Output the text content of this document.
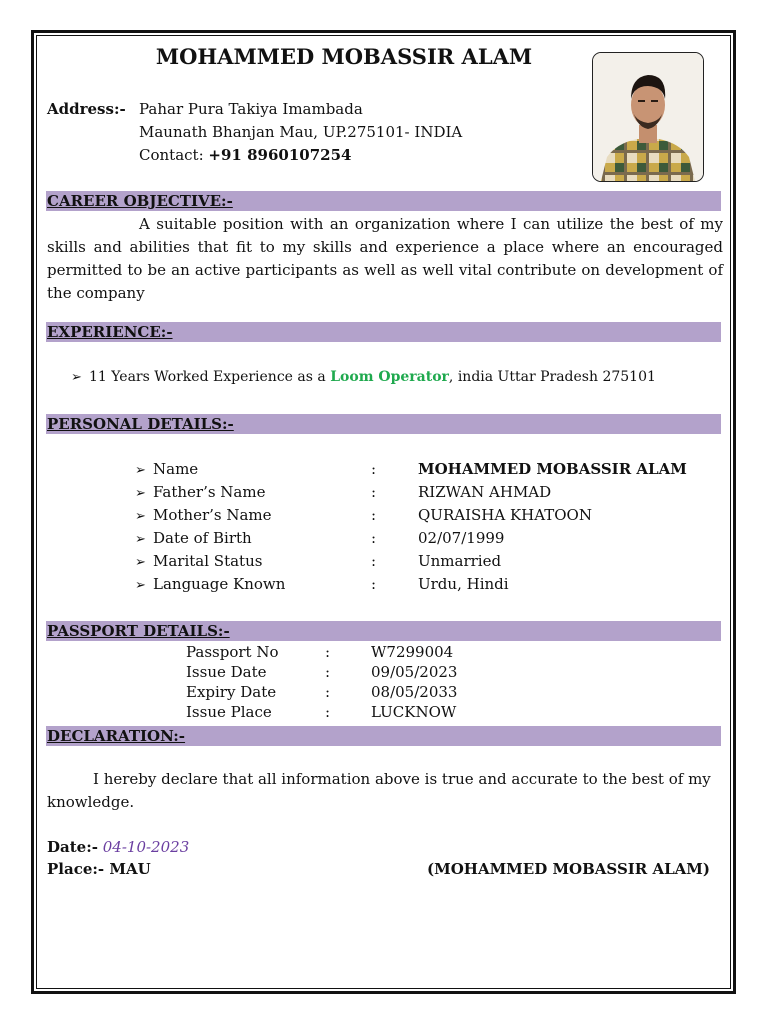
MOHAMMED MOBASSIR ALAM
Address:- Pahar Pura Takiya Imambada
Maunath Bhanjan Mau, UP.275101- INDIA
Contact: +91 8960107254
CAREER OBJECTIVE:-
A suitable position with an organization where I can utilize the best of my skills and abilities that fit to my skills and experience a place where an encouraged permitted to be an active participants as well as well vital contribute on development of the company
EXPERIENCE:-
➢ 11 Years Worked Experience as a Loom Operator, india Uttar Pradesh 275101
PERSONAL DETAILS:-
➢ Name	:	MOHAMMED MOBASSIR ALAM
➢ Father’s Name	:	RIZWAN AHMAD
➢ Mother’s Name	:	QURAISHA KHATOON
➢ Date of Birth	:	02/07/1999
➢ Marital Status	:	Unmarried
➢ Language Known	:	Urdu, Hindi
PASSPORT DETAILS:-
Passport No	:	W7299004
Issue Date	:	09/05/2023
Expiry Date	:	08/05/2033
Issue Place	:	LUCKNOW
DECLARATION:-
I hereby declare that all information above is true and accurate to the best of my knowledge.
Date:- 04-10-2023
Place:- MAU	(MOHAMMED MOBASSIR ALAM)
